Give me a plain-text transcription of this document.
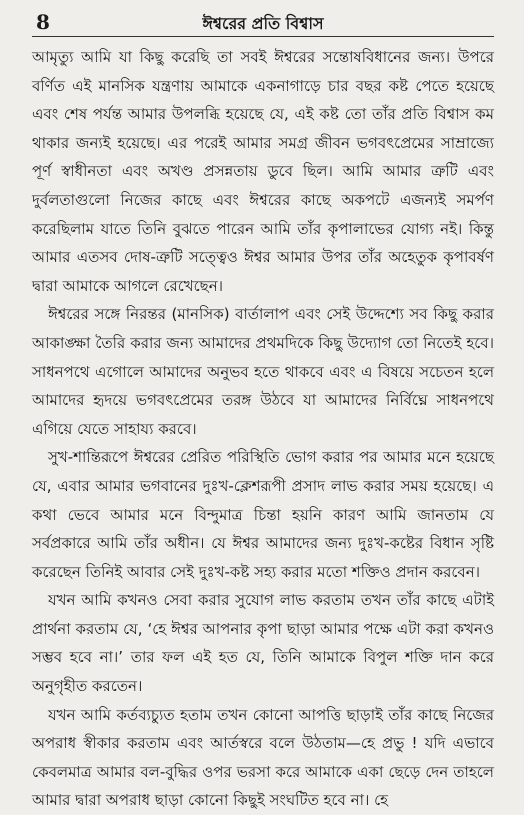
8	ঈশ্বরের প্রতি বিশ্বাস

আমৃত্যু আমি যা কিছু করেছি তা সবই ঈশ্বরের সন্তোষবিধানের জন্য। উপরে বর্ণিত এই মানসিক যন্ত্রণায় আমাকে একনাগাড়ে চার বছর কষ্ট পেতে হয়েছে এবং শেষ পর্যন্ত আমার উপলব্ধি হয়েছে যে, এই কষ্ট তো তাঁর প্রতি বিশ্বাস কম থাকার জন্যই হয়েছে। এর পরেই আমার সমগ্র জীবন ভগবৎপ্রেমের সাম্রাজ্যে পূর্ণ স্বাধীনতা এবং অখণ্ড প্রসন্নতায় ডুবে ছিল। আমি আমার ত্রুটি এবং দুর্বলতাগুলো নিজের কাছে এবং ঈশ্বরের কাছে অকপটে এজন্যই সমর্পণ করেছিলাম যাতে তিনি বুঝতে পারেন আমি তাঁর কৃপালাভের যোগ্য নই। কিন্তু আমার এতসব দোষ-ত্রুটি সত্ত্বেও ঈশ্বর আমার উপর তাঁর অহেতুক কৃপাবর্ষণ দ্বারা আমাকে আগলে রেখেছেন।

ঈশ্বরের সঙ্গে নিরন্তর (মানসিক) বার্তালাপ এবং সেই উদ্দেশ্যে সব কিছু করার আকাঙ্ক্ষা তৈরি করার জন্য আমাদের প্রথমদিকে কিছু উদ্যোগ তো নিতেই হবে। সাধনপথে এগোলে আমাদের অনুভব হতে থাকবে এবং এ বিষয়ে সচেতন হলে আমাদের হৃদয়ে ভগবৎপ্রেমের তরঙ্গ উঠবে যা আমাদের নির্বিঘ্নে সাধনপথে এগিয়ে যেতে সাহায্য করবে।

সুখ-শান্তিরূপে ঈশ্বরের প্রেরিত পরিস্থিতি ভোগ করার পর আমার মনে হয়েছে যে, এবার আমার ভগবানের দুঃখ-ক্লেশরূপী প্রসাদ লাভ করার সময় হয়েছে। এ কথা ভেবে আমার মনে বিন্দুমাত্র চিন্তা হয়নি কারণ আমি জানতাম যে সর্বপ্রকারে আমি তাঁর অধীন। যে ঈশ্বর আমাদের জন্য দুঃখ-কষ্টের বিধান সৃষ্টি করেছেন তিনিই আবার সেই দুঃখ-কষ্ট সহ্য করার মতো শক্তিও প্রদান করবেন।

যখন আমি কখনও সেবা করার সুযোগ লাভ করতাম তখন তাঁর কাছে এটাই প্রার্থনা করতাম যে, ‘হে ঈশ্বর আপনার কৃপা ছাড়া আমার পক্ষে এটা করা কখনও সম্ভব হবে না।’ তার ফল এই হত যে, তিনি আমাকে বিপুল শক্তি দান করে অনুগৃহীত করতেন।

যখন আমি কর্তব্যচ্যুত হতাম তখন কোনো আপত্তি ছাড়াই তাঁর কাছে নিজের অপরাধ স্বীকার করতাম এবং আর্তস্বরে বলে উঠতাম—হে প্রভু ! যদি এভাবে কেবলমাত্র আমার বল-বুদ্ধির ওপর ভরসা করে আমাকে একা ছেড়ে দেন তাহলে আমার দ্বারা অপরাধ ছাড়া কোনো কিছুই সংঘটিত হবে না। হে
